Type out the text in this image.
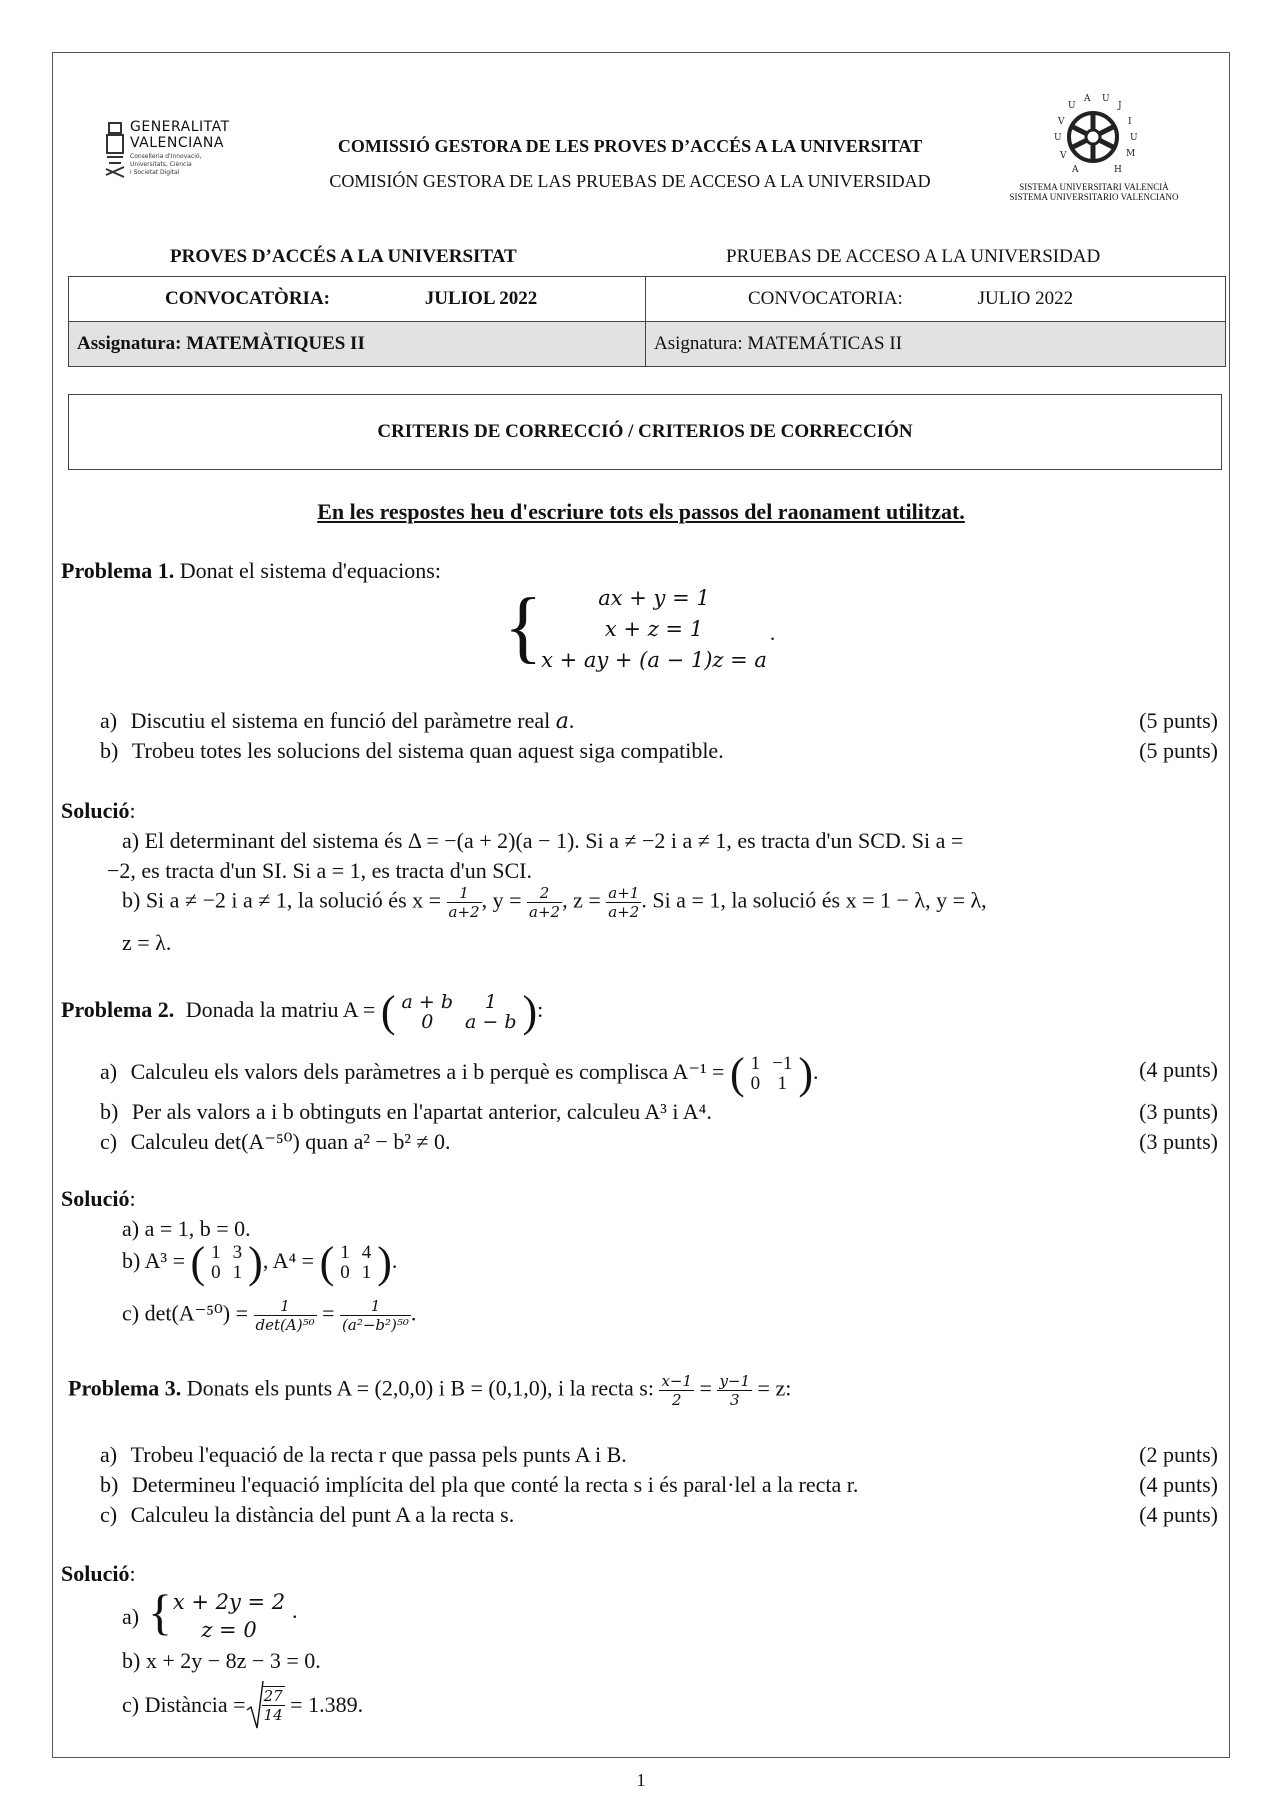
GENERALITAT
VALENCIANA
Conselleria d'Innovació,
Universitats, Ciència
i Societat Digital
COMISSIÓ GESTORA DE LES PROVES D’ACCÉS A LA UNIVERSITAT
COMISIÓN GESTORA DE LAS PRUEBAS DE ACCESO A LA UNIVERSIDAD
U
A U
J
I
U
M
H
V
U
V
A
SISTEMA UNIVERSITARI VALENCIÀ
SISTEMA UNIVERSITARIO VALENCIANO
PROVES D’ACCÉS A LA UNIVERSITAT	PRUEBAS DE ACCESO A LA UNIVERSIDAD
CONVOCATÒRIA: JULIOL 2022	CONVOCATORIA: JULIO 2022
Assignatura: MATEMÀTIQUES II	Asignatura: MATEMÁTICAS II
CRITERIS DE CORRECCIÓ / CRITERIOS DE CORRECCIÓN
En les respostes heu d'escriure tots els passos del raonament utilitzat.
Problema 1. Donat el sistema d'equacions:
{	ax + y = 1
x + z = 1
x + ay + (a − 1)z = a
.
a) Discutiu el sistema en funció del paràmetre real a.	(5 punts)
b) Trobeu totes les solucions del sistema quan aquest siga compatible.	(5 punts)
Solució:
a) El determinant del sistema és Δ = −(a + 2)(a − 1). Si a ≠ −2 i a ≠ 1, es tracta d'un SCD. Si a =
−2, es tracta d'un SI. Si a = 1, es tracta d'un SCI.
b) Si a ≠ −2 i a ≠ 1, la solució és $x = \frac{1}{a+2}$ , $y = \frac{2}{a+2}$ , $z = \frac{a+1}{a+2}$ . Si a = 1, la solució és x = 1 − λ, y = λ,
z = λ.
Problema 2. Donada la matriu A = ( a + b	1
0	a − b ):
a) Calculeu els valors dels paràmetres a i b perquè es complisca A⁻¹ = ( 1	−1
0	1 ).	(4 punts)
b) Per als valors a i b obtinguts en l'apartat anterior, calculeu A³ i A⁴.	(3 punts)
c) Calculeu det(A⁻⁵⁰) quan a² − b² ≠ 0.	(3 punts)
Solució:
a) a = 1, b = 0.
b) A³ = ( 1	3
0	1 ), A⁴ = ( 1	4
0	1 ).
c) $\det(A^{-50}) = \frac{1}{\text{det(A)⁵⁰}} = \frac{1}{\text{(a²−b²)⁵⁰}}$ .
Problema 3. Donats els punts A = (2,0,0) i B = (0,1,0), i la recta s: $\frac{x-1}{2} = \frac{y-1}{3} = z$:
a) Trobeu l'equació de la recta r que passa pels punts A i B.	(2 punts)
b) Determineu l'equació implícita del pla que conté la recta s i és paral·lel a la recta r.	(4 punts)
c) Calculeu la distància del punt A a la recta s.	(4 punts)
Solució:
a) { x + 2y = 2
z = 0
.
b) x + 2y − 8z − 3 = 0.
c) Distància = $\frac{27}{14} = 1.389$.
1
